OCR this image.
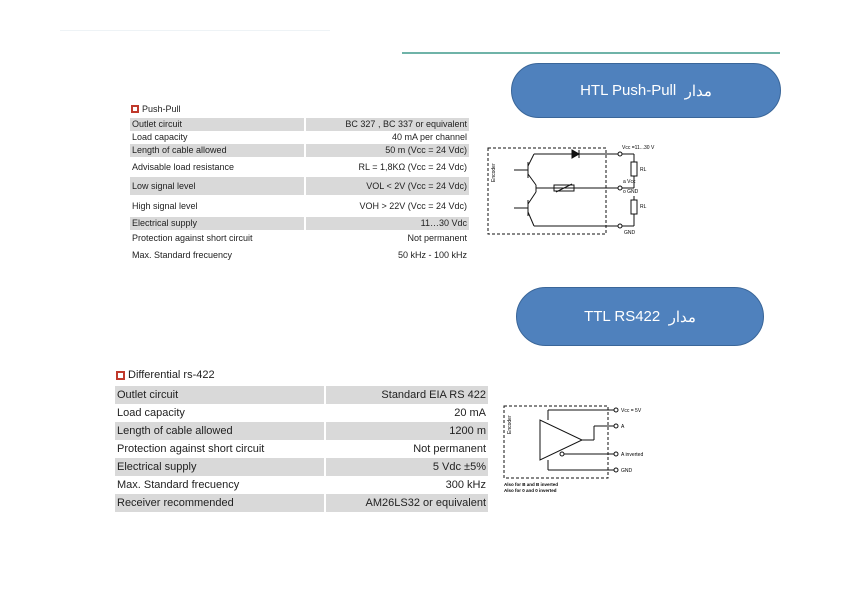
HTL Push-Pull
مدار
TTL RS422
مدار
Push-Pull
Outlet circuit	BC 327 , BC 337 or equivalent
Load capacity	40 mA per channel
Length of cable allowed	50 m (Vcc = 24 Vdc)
Advisable load resistance	RL = 1,8KΩ (Vcc = 24 Vdc)
Low signal level	VOL < 2V (Vcc = 24 Vdc)
High signal level	VOH > 22V (Vcc = 24 Vdc)
Electrical supply	11…30 Vdc
Protection against short circuit	Not permanent
Max. Standard frecuency	50 kHz - 100 kHz
Differential rs-422
Outlet circuit	Standard EIA RS 422
Load capacity	20 mA
Length of cable allowed	1200 m
Protection against short circuit	Not permanent
Electrical supply	5 Vdc ±5%
Max. Standard frecuency	300 kHz
Receiver recommended	AM26LS32 or equivalent
Encoder
Vcc =11...30 V
RL
a Vcc
o GND
RL
GND
Encoder
Vcc = 5V
A
A inverted
GND
Also for B and B inverted
Also for 0 and 0 inverted
